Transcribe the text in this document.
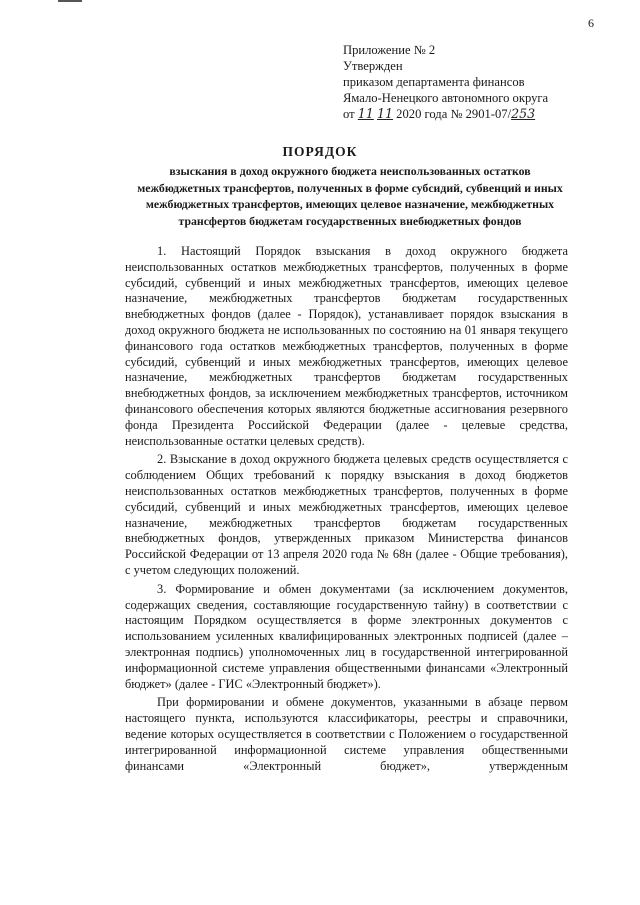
6
Приложение № 2
Утвержден
приказом департамента финансов
Ямало-Ненецкого автономного округа
от 11 11 2020 года № 2901-07/253
ПОРЯДОК
взыскания в доход окружного бюджета неиспользованных остатков межбюджетных трансфертов, полученных в форме субсидий, субвенций и иных межбюджетных трансфертов, имеющих целевое назначение, межбюджетных трансфертов бюджетам государственных внебюджетных фондов

1. Настоящий Порядок взыскания в доход окружного бюджета неиспользованных остатков межбюджетных трансфертов, полученных в форме субсидий, субвенций и иных межбюджетных трансфертов, имеющих целевое назначение, межбюджетных трансфертов бюджетам государственных внебюджетных фондов (далее - Порядок), устанавливает порядок взыскания в доход окружного бюджета не использованных по состоянию на 01 января текущего финансового года остатков межбюджетных трансфертов, полученных в форме субсидий, субвенций и иных межбюджетных трансфертов, имеющих целевое назначение, межбюджетных трансфертов бюджетам государственных внебюджетных фондов, за исключением межбюджетных трансфертов, источником финансового обеспечения которых являются бюджетные ассигнования резервного фонда Президента Российской Федерации (далее - целевые средства, неиспользованные остатки целевых средств).

2. Взыскание в доход окружного бюджета целевых средств осуществляется с соблюдением Общих требований к порядку взыскания в доход бюджетов неиспользованных остатков межбюджетных трансфертов, полученных в форме субсидий, субвенций и иных межбюджетных трансфертов, имеющих целевое назначение, межбюджетных трансфертов бюджетам государственных внебюджетных фондов, утвержденных приказом Министерства финансов Российской Федерации от 13 апреля 2020 года № 68н (далее - Общие требования), с учетом следующих положений.

3. Формирование и обмен документами (за исключением документов, содержащих сведения, составляющие государственную тайну) в соответствии с настоящим Порядком осуществляется в форме электронных документов с использованием усиленных квалифицированных электронных подписей (далее – электронная подпись) уполномоченных лиц в государственной интегрированной информационной системе управления общественными финансами «Электронный бюджет» (далее - ГИС «Электронный бюджет»).

При формировании и обмене документов, указанными в абзаце первом настоящего пункта, используются классификаторы, реестры и справочники, ведение которых осуществляется в соответствии с Положением о государственной интегрированной информационной системе управления общественными финансами «Электронный бюджет», утвержденным
